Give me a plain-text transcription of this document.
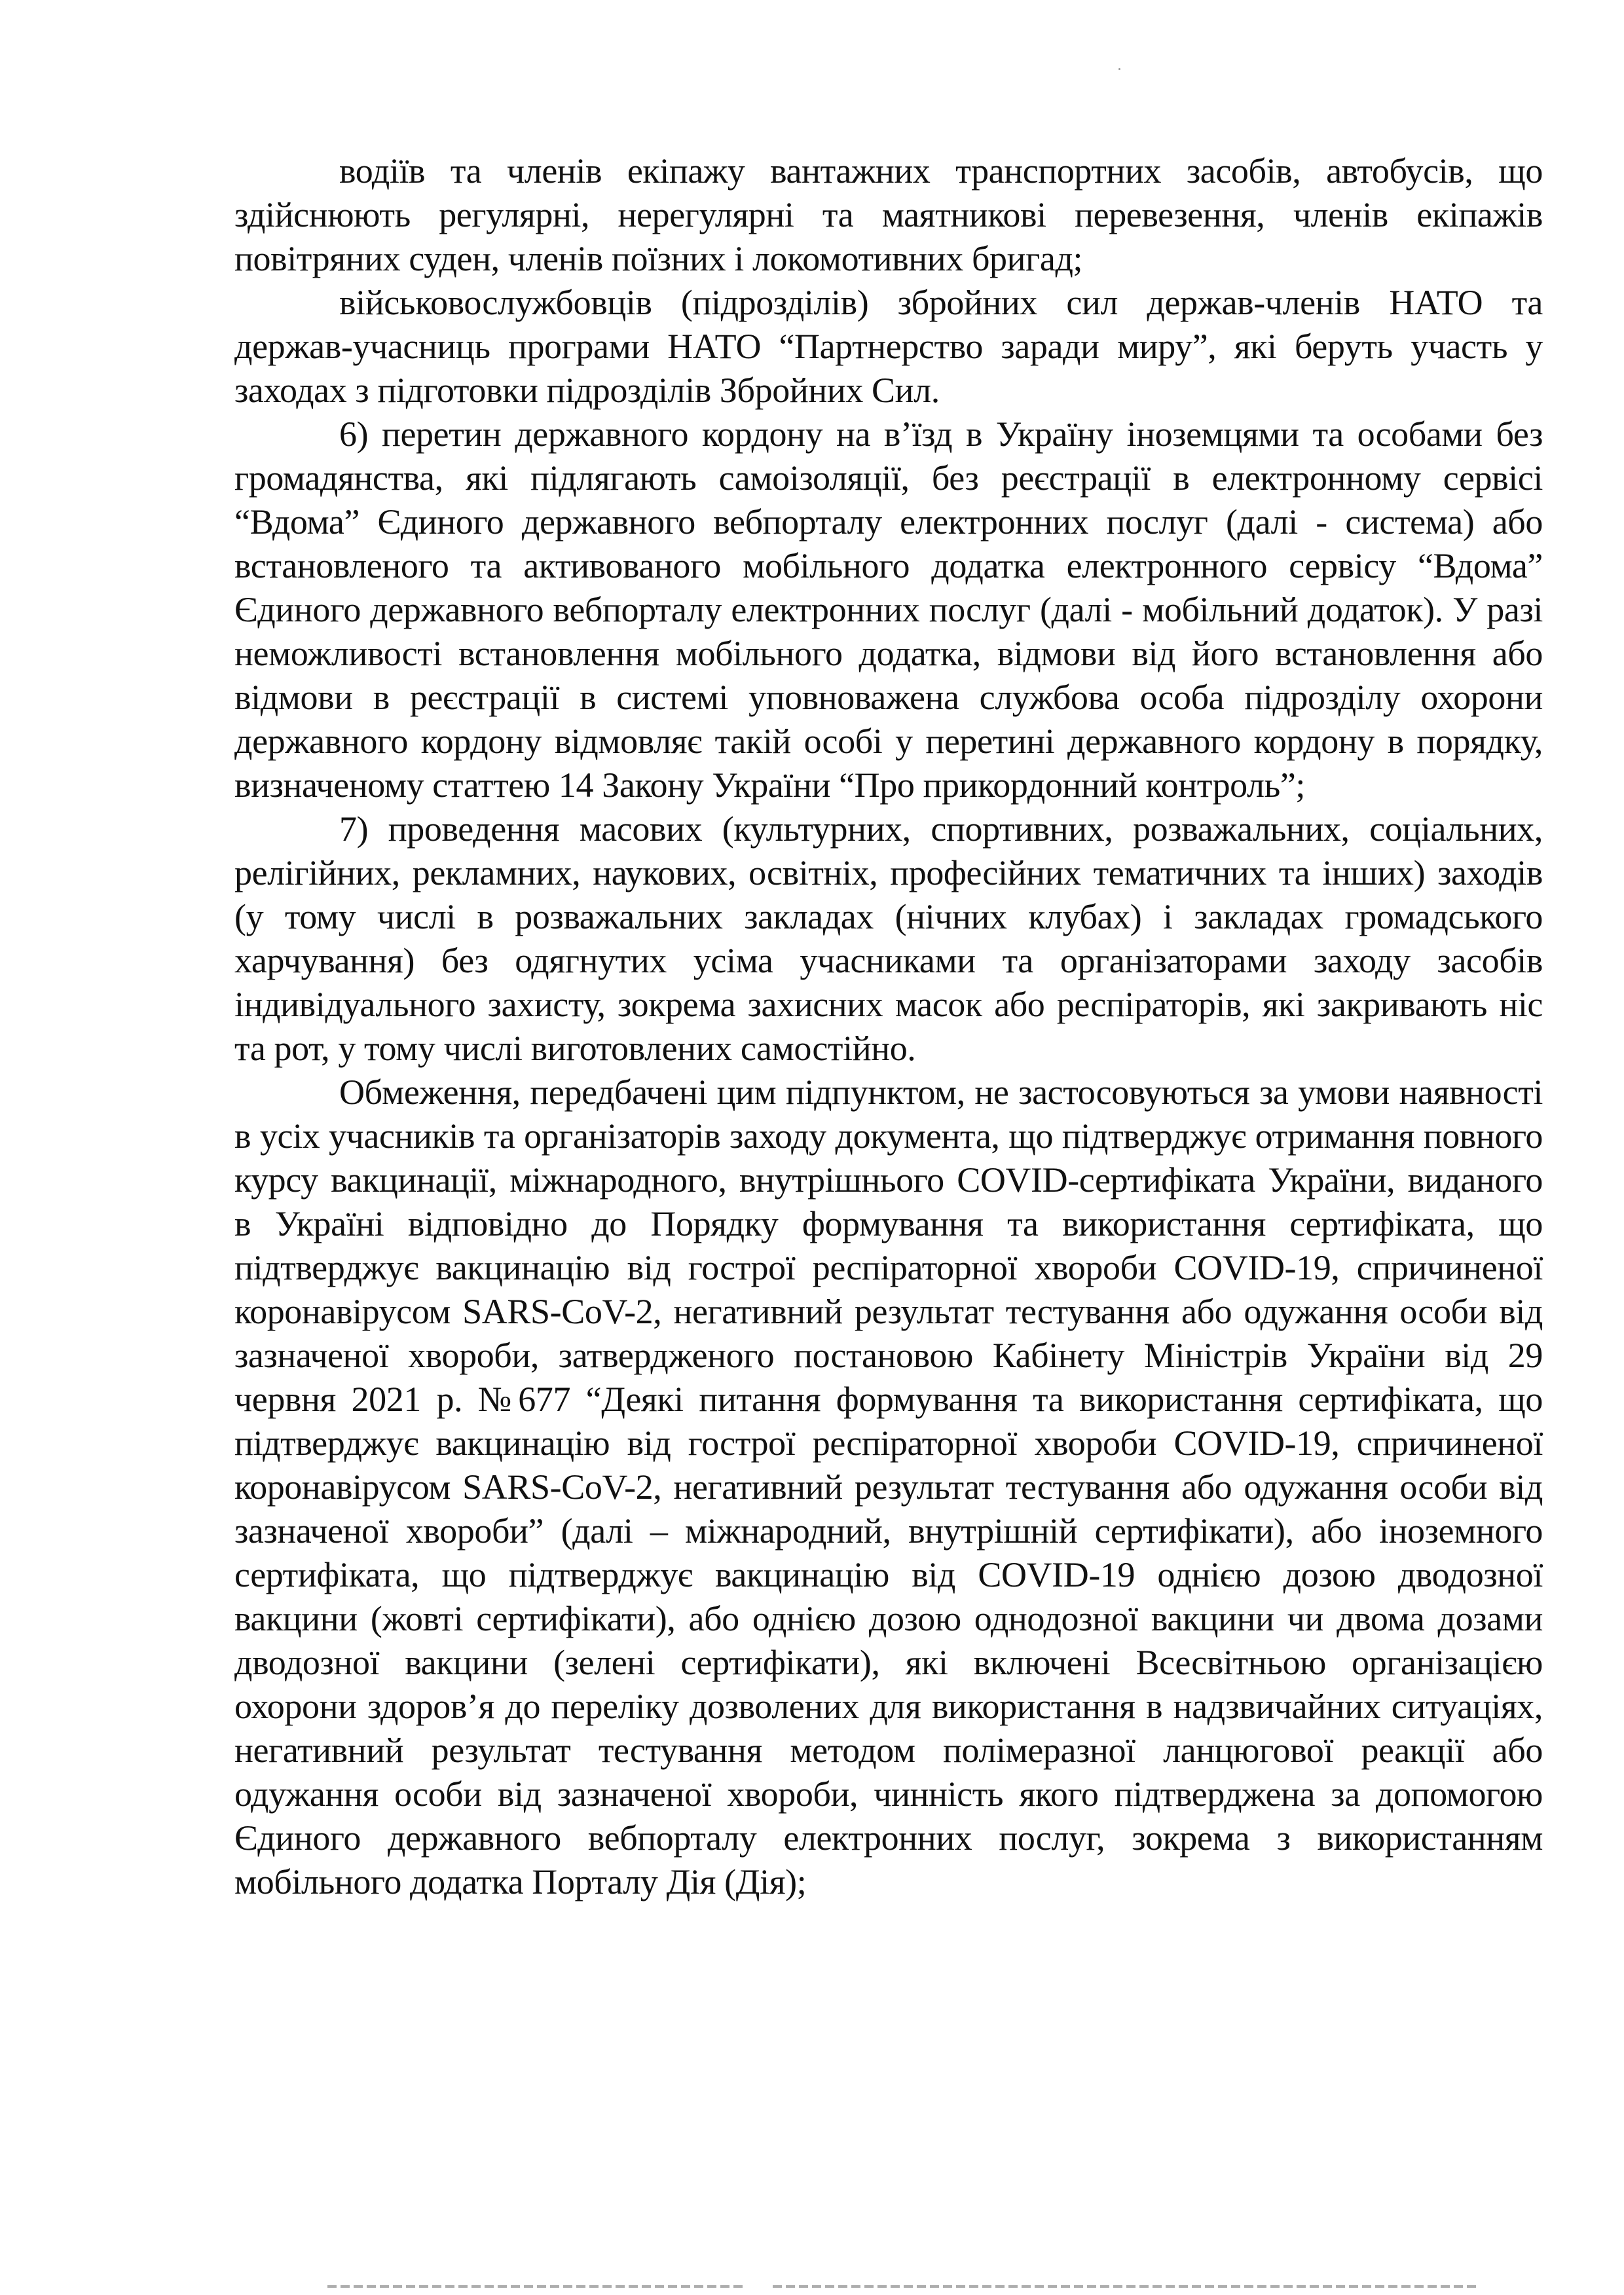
водіїв та членів екіпажу вантажних транспортних засобів, автобусів, що здійснюють регулярні, нерегулярні та маятникові перевезення, членів екіпажів повітряних суден, членів поїзних і локомотивних бригад;

військовослужбовців (підрозділів) збройних сил держав-членів НАТО та держав-учасниць програми НАТО “Партнерство заради миру”, які беруть участь у заходах з підготовки підрозділів Збройних Сил.

6) перетин державного кордону на в’їзд в Україну іноземцями та особами без громадянства, які підлягають самоізоляції, без реєстрації в електронному сервісі “Вдома” Єдиного державного вебпорталу електронних послуг (далі - система) або встановленого та активованого мобільного додатка електронного сервісу “Вдома” Єдиного державного вебпорталу електронних послуг (далі - мобільний додаток). У разі неможливості встановлення мобільного додатка, відмови від його встановлення або відмови в реєстрації в системі уповноважена службова особа підрозділу охорони державного кордону відмовляє такій особі у перетині державного кордону в порядку, визначеному статтею 14 Закону України “Про прикордонний контроль”;

7) проведення масових (культурних, спортивних, розважальних, соціальних, релігійних, рекламних, наукових, освітніх, професійних тематичних та інших) заходів (у тому числі в розважальних закладах (нічних клубах) і закладах громадського харчування) без одягнутих усіма учасниками та організаторами заходу засобів індивідуального захисту, зокрема захисних масок або респіраторів, які закривають ніс та рот, у тому числі виготовлених самостійно.

Обмеження, передбачені цим підпунктом, не застосовуються за умови наявності в усіх учасників та організаторів заходу документа, що підтверджує отримання повного курсу вакцинації, міжнародного, внутрішнього COVID-сертифіката України, виданого в Україні відповідно до Порядку формування та використання сертифіката, що підтверджує вакцинацію від гострої респіраторної хвороби COVID-19, спричиненої коронавірусом SARS-CoV-2, негативний результат тестування або одужання особи від зазначеної хвороби, затвердженого постановою Кабінету Міністрів України від 29 червня 2021 р. №677 “Деякі питання формування та використання сертифіката, що підтверджує вакцинацію від гострої респіраторної хвороби COVID-19, спричиненої коронавірусом SARS-CoV-2, негативний результат тестування або одужання особи від зазначеної хвороби” (далі – міжнародний, внутрішній сертифікати), або іноземного сертифіката, що підтверджує вакцинацію від COVID-19 однією дозою дводозної вакцини (жовті сертифікати), або однією дозою однодозної вакцини чи двома дозами дводозної вакцини (зелені сертифікати), які включені Всесвітньою організацією охорони здоров’я до переліку дозволених для використання в надзвичайних ситуаціях, негативний результат тестування методом полімеразної ланцюгової реакції або одужання особи від зазначеної хвороби, чинність якого підтверджена за допомогою Єдиного державного вебпорталу електронних послуг, зокрема з використанням мобільного додатка Порталу Дія (Дія);
